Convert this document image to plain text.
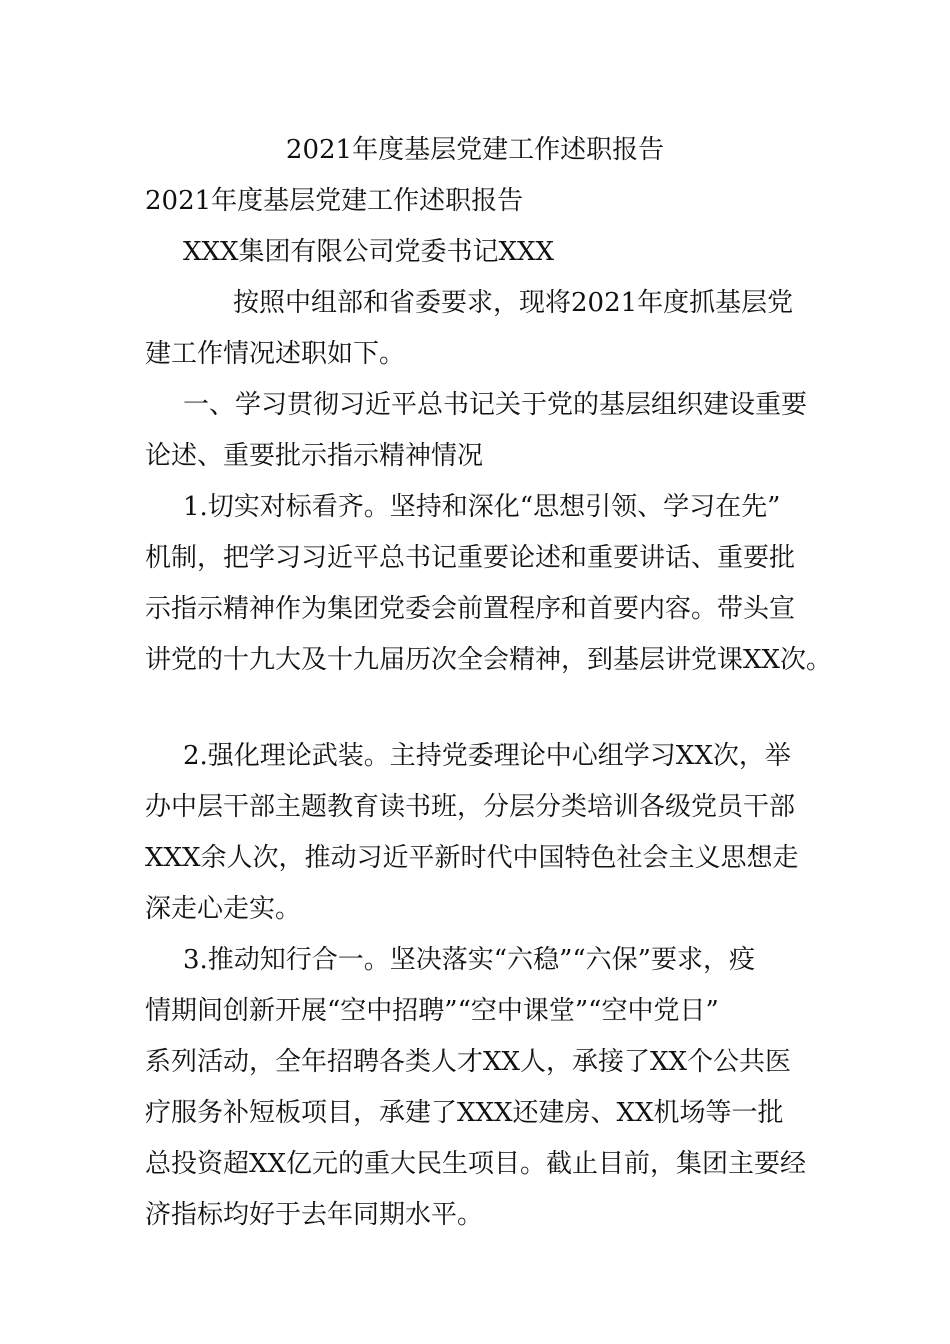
2021年度基层党建工作述职报告
2021年度基层党建工作述职报告
XXX集团有限公司党委书记XXX
按照中组部和省委要求，现将2021年度抓基层党
建工作情况述职如下。
一、学习贯彻习近平总书记关于党的基层组织建设重要
论述、重要批示指示精神情况
1.切实对标看齐。坚持和深化“思想引领、学习在先”
机制，把学习习近平总书记重要论述和重要讲话、重要批
示指示精神作为集团党委会前置程序和首要内容。带头宣
讲党的十九大及十九届历次全会精神，到基层讲党课XX次。
2.强化理论武装。主持党委理论中心组学习XX次，举
办中层干部主题教育读书班，分层分类培训各级党员干部
XXX余人次，推动习近平新时代中国特色社会主义思想走
深走心走实。
3.推动知行合一。坚决落实“六稳”“六保”要求，疫
情期间创新开展“空中招聘”“空中课堂”“空中党日”
系列活动，全年招聘各类人才XX人，承接了XX个公共医
疗服务补短板项目，承建了XXX还建房、XX机场等一批
总投资超XX亿元的重大民生项目。截止目前，集团主要经
济指标均好于去年同期水平。
